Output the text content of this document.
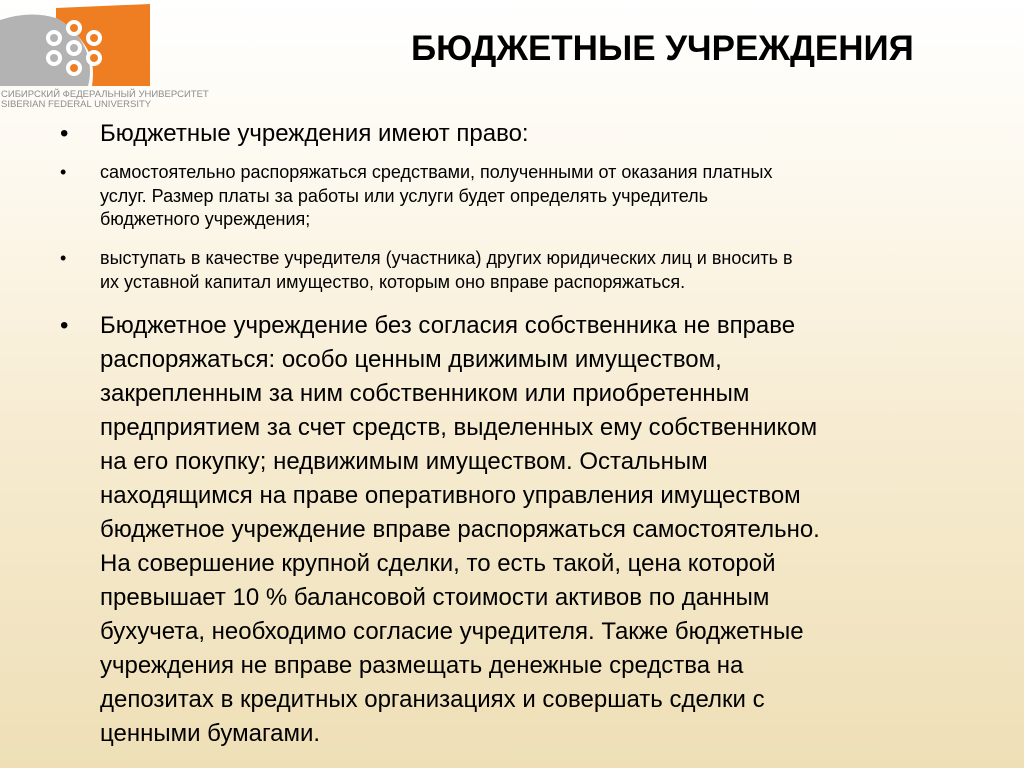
СИБИРСКИЙ ФЕДЕРАЛЬНЫЙ УНИВЕРСИТЕТ
SIBERIAN FEDERAL UNIVERSITY
БЮДЖЕТНЫЕ УЧРЕЖДЕНИЯ
• Бюджетные учреждения имеют право:
• самостоятельно распоряжаться средствами, полученными от оказания платных
услуг. Размер платы за работы или услуги будет определять учредитель
бюджетного учреждения;
• выступать в качестве учредителя (участника) других юридических лиц и вносить в
их уставной капитал имущество, которым оно вправе распоряжаться.
• Бюджетное учреждение без согласия собственника не вправе
распоряжаться: особо ценным движимым имуществом,
закрепленным за ним собственником или приобретенным
предприятием за счет средств, выделенных ему собственником
на его покупку; недвижимым имуществом. Остальным
находящимся на праве оперативного управления имуществом
бюджетное учреждение вправе распоряжаться самостоятельно.
На совершение крупной сделки, то есть такой, цена которой
превышает 10 % балансовой стоимости активов по данным
бухучета, необходимо согласие учредителя. Также бюджетные
учреждения не вправе размещать денежные средства на
депозитах в кредитных организациях и совершать сделки с
ценными бумагами.
